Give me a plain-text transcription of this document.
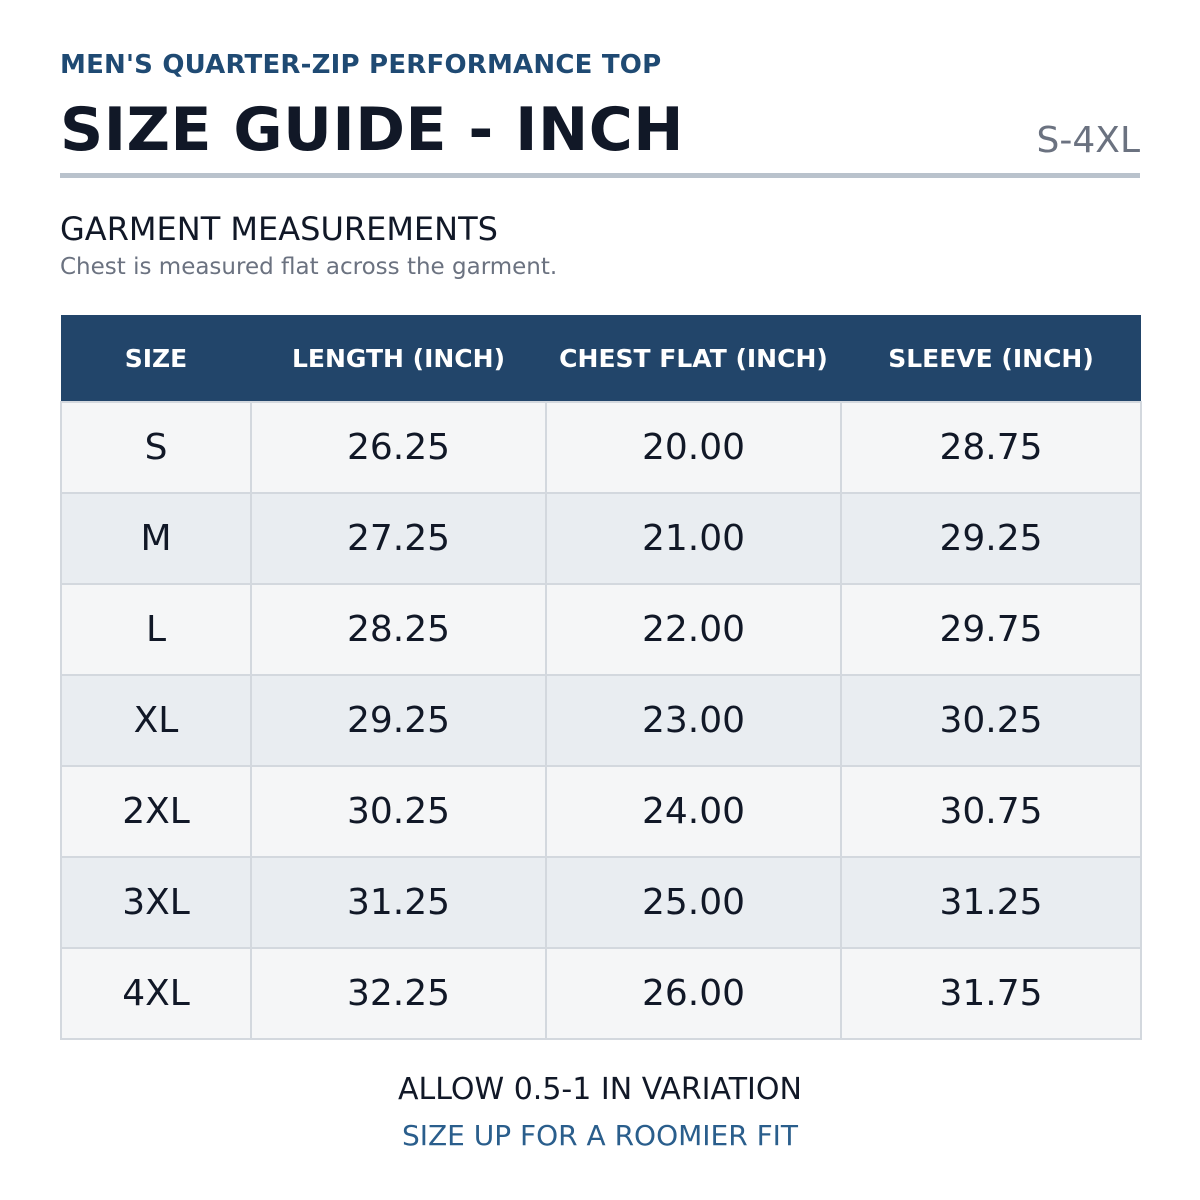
MEN'S QUARTER-ZIP PERFORMANCE TOP
SIZE GUIDE - INCH	S-4XL
GARMENT MEASUREMENTS
Chest is measured flat across the garment.
SIZE	LENGTH (INCH)	CHEST FLAT (INCH)	SLEEVE (INCH)
S	26.25	20.00	28.75
M	27.25	21.00	29.25
L	28.25	22.00	29.75
XL	29.25	23.00	30.25
2XL	30.25	24.00	30.75
3XL	31.25	25.00	31.25
4XL	32.25	26.00	31.75
ALLOW 0.5-1 IN VARIATION
SIZE UP FOR A ROOMIER FIT
